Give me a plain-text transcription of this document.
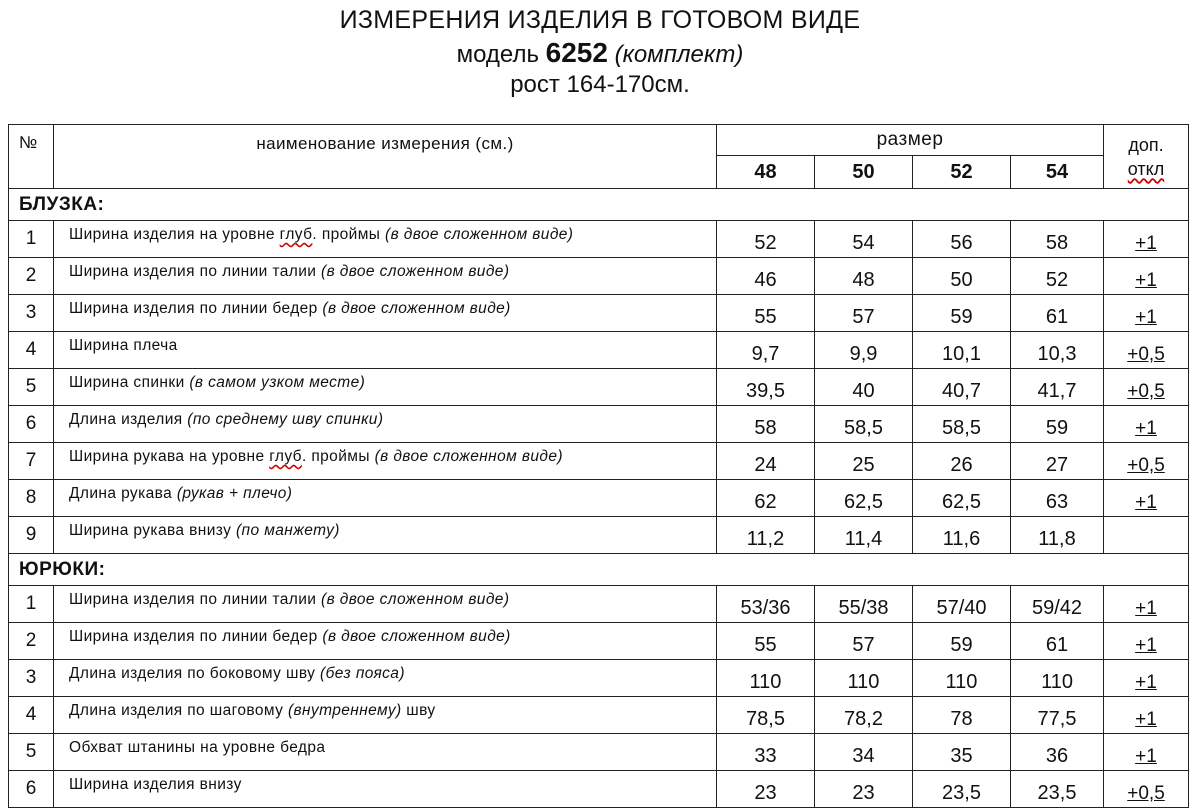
ИЗМЕРЕНИЯ ИЗДЕЛИЯ В ГОТОВОМ ВИДЕ
модель 6252 (комплект)
рост 164-170см.
№	наименование измерения (см.)	размер				доп.
откл

		48	50	52	54	
БЛУЗКА:						
1	Ширина изделия на уровне глуб. проймы (в двое сложенном виде)	52	54	56	58	+1
2	Ширина изделия по линии талии (в двое сложенном виде)	46	48	50	52	+1
3	Ширина изделия по линии бедер (в двое сложенном виде)	55	57	59	61	+1
4	Ширина плеча	9,7	9,9	10,1	10,3	+0,5
5	Ширина спинки (в самом узком месте)	39,5	40	40,7	41,7	+0,5
6	Длина изделия (по среднему шву спинки)	58	58,5	58,5	59	+1
7	Ширина рукава на уровне глуб. проймы (в двое сложенном виде)	24	25	26	27	+0,5
8	Длина рукава (рукав + плечо)	62	62,5	62,5	63	+1
9	Ширина рукава внизу (по манжету)	11,2	11,4	11,6	11,8	
ЮРЮКИ:						
1	Ширина изделия по линии талии (в двое сложенном виде)	53/36	55/38	57/40	59/42	+1
2	Ширина изделия по линии бедер (в двое сложенном виде)	55	57	59	61	+1
3	Длина изделия по боковому шву (без пояса)	110	110	110	110	+1
4	Длина изделия по шаговому (внутреннему) шву	78,5	78,2	78	77,5	+1
5	Обхват штанины на уровне бедра	33	34	35	36	+1
6	Ширина изделия внизу	23	23	23,5	23,5	+0,5
